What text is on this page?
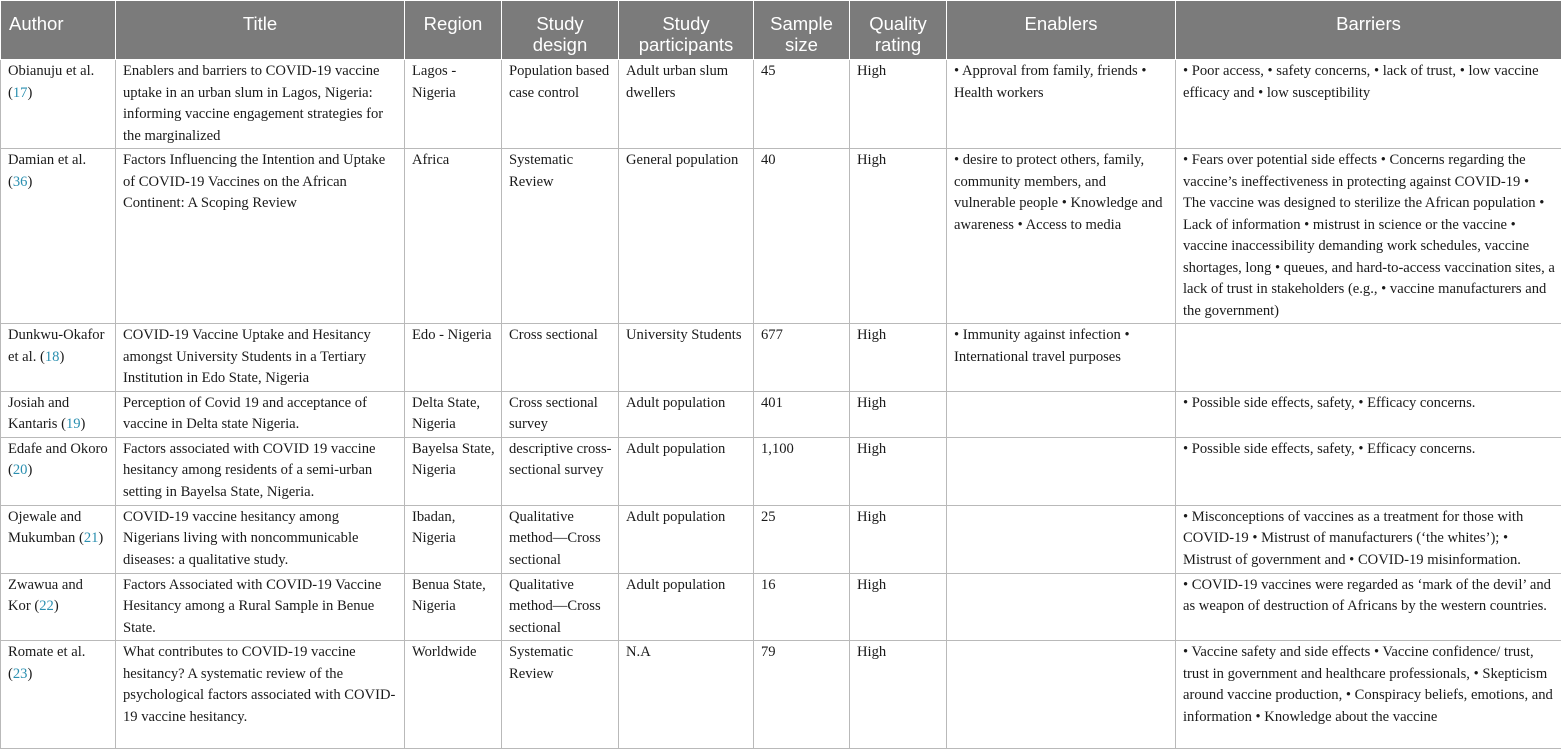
Author	Title	Region	Study design	Study participants	Sample size	Quality rating	Enablers	Barriers
Obianuju et al. (17)	Enablers and barriers to COVID-19 vaccine uptake in an urban slum in Lagos, Nigeria: informing vaccine engagement strategies for the marginalized	Lagos - Nigeria	Population based case control	Adult urban slum dwellers	45	High	• Approval from family, friends • Health workers	• Poor access, • safety concerns, • lack of trust, • low vaccine efficacy and • low susceptibility
Damian et al. (36)	Factors Influencing the Intention and Uptake of COVID-19 Vaccines on the African Continent: A Scoping Review	Africa	Systematic Review	General population	40	High	• desire to protect others, family, community members, and vulnerable people • Knowledge and awareness • Access to media	• Fears over potential side effects • Concerns regarding the vaccine’s ineffectiveness in protecting against COVID-19 • The vaccine was designed to sterilize the African population • Lack of information • mistrust in science or the vaccine • vaccine inaccessibility demanding work schedules, vaccine shortages, long • queues, and hard-to-access vaccination sites, a lack of trust in stakeholders (e.g., • vaccine manufacturers and the government)
Dunkwu-Okafor et al. (18)	COVID-19 Vaccine Uptake and Hesitancy amongst University Students in a Tertiary Institution in Edo State, Nigeria	Edo - Nigeria	Cross sectional	University Students	677	High	• Immunity against infection • International travel purposes	
Josiah and Kantaris (19)	Perception of Covid 19 and acceptance of vaccine in Delta state Nigeria.	Delta State, Nigeria	Cross sectional survey	Adult population	401	High		• Possible side effects, safety, • Efficacy concerns.
Edafe and Okoro (20)	Factors associated with COVID 19 vaccine hesitancy among residents of a semi-urban setting in Bayelsa State, Nigeria.	Bayelsa State, Nigeria	descriptive cross-sectional survey	Adult population	1,100	High		• Possible side effects, safety, • Efficacy concerns.
Ojewale and Mukumban (21)	COVID-19 vaccine hesitancy among Nigerians living with noncommunicable diseases: a qualitative study.	Ibadan, Nigeria	Qualitative method—Cross sectional	Adult population	25	High		• Misconceptions of vaccines as a treatment for those with COVID-19 • Mistrust of manufacturers (‘the whites’); • Mistrust of government and • COVID-19 misinformation.
Zwawua and Kor (22)	Factors Associated with COVID-19 Vaccine Hesitancy among a Rural Sample in Benue State.	Benua State, Nigeria	Qualitative method—Cross sectional	Adult population	16	High		• COVID-19 vaccines were regarded as ‘mark of the devil’ and as weapon of destruction of Africans by the western countries.
Romate et al. (23)	What contributes to COVID-19 vaccine hesitancy? A systematic review of the psychological factors associated with COVID-19 vaccine hesitancy.	Worldwide	Systematic Review	N.A	79	High		• Vaccine safety and side effects • Vaccine confidence/ trust, trust in government and healthcare professionals, • Skepticism around vaccine production, • Conspiracy beliefs, emotions, and information • Knowledge about the vaccine
